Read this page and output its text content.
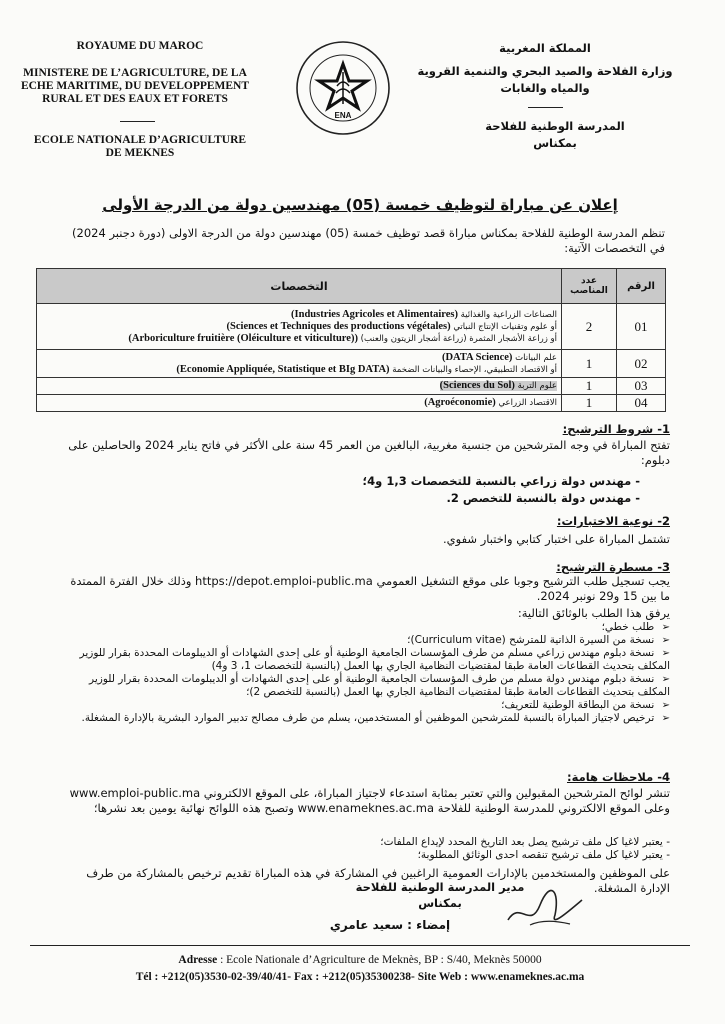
ROYAUME DU MAROC
MINISTERE DE L’AGRICULTURE, DE LA
ECHE MARITIME, DU DEVELOPPEMENT
RURAL ET DES EAUX ET FORETS
ECOLE NATIONALE D’AGRICULTURE
DE MEKNES
ENA
المملكة المغربية
وزارة الفلاحة والصيد البحري والتنمية القروية
والمياه والغابات
المدرسة الوطنية للفلاحة
بمكناس
إعلان عن مباراة لتوظيف خمسة (05) مهندسين دولة من الدرجة الأولى
تنظم المدرسة الوطنية للفلاحة بمكناس مباراة قصد توظيف خمسة (05) مهندسين دولة من الدرجة الاولى (دورة دجنبر 2024) في التخصصات الآتية:
التخصصات	عدد المناصب	الرقم

الصناعات الزراعية والغذائية (Industries Agricoles et Alimentaires)
أو علوم وتقنيات الإنتاج النباتي (Sciences et Techniques des productions végétales)
أو زراعة الأشجار المثمرة (زراعة أشجار الزيتون والعنب) (Arboriculture fruitière (Oléiculture et viticulture))	2	01

علم البيانات (DATA Science)
أو الاقتصاد التطبيقي، الإحصاء والبيانات الضخمة (Economie Appliquée, Statistique et BIg DATA)	1	02
علوم التربة (Sciences du Sol)	1	03
الاقتصاد الزراعي (Agroéconomie)	1	04
1- شروط الترشيح:
تفتح المباراة في وجه المترشحين من جنسية مغربية، البالغين من العمر 45 سنة على الأكثر في فاتح يناير 2024 والحاصلين على دبلوم:
- مهندس دولة زراعي بالنسبة للتخصصات 1,3 و4؛
- مهندس دولة بالنسبة للتخصص 2.
2- نوعية الاختبارات:
تشتمل المباراة على اختبار كتابي واختبار شفوي.
3- مسطرة الترشيح:
يجب تسجيل طلب الترشيح وجوبا على موقع التشغيل العمومي https://depot.emploi-public.ma وذلك خلال الفترة الممتدة ما بين 15 و29 نونبر 2024.
يرفق هذا الطلب بالوثائق التالية:
➢ طلب خطي؛
➢ نسخة من السيرة الذاتية للمترشح (Curriculum vitae)؛
➢ نسخة دبلوم مهندس زراعي مسلم من طرف المؤسسات الجامعية الوطنية أو على إحدى الشهادات أو الديبلومات المحددة بقرار للوزير المكلف بتحديث القطاعات العامة طبقا لمقتضيات النظامية الجاري بها العمل (بالنسبة للتخصصات 1، 3 و4)
➢ نسخة دبلوم مهندس دولة مسلم من طرف المؤسسات الجامعية الوطنية أو على إحدى الشهادات أو الديبلومات المحددة بقرار للوزير المكلف بتحديث القطاعات العامة طبقا لمقتضيات النظامية الجاري بها العمل (بالنسبة للتخصص 2)؛
➢ نسخة من البطاقة الوطنية للتعريف؛
➢ ترخيص لاجتياز المباراة بالنسبة للمترشحين الموظفين أو المستخدمين، يسلم من طرف مصالح تدبير الموارد البشرية بالإدارة المشغلة.
4- ملاحظات هامة:
تنشر لوائح المترشحين المقبولين والتي تعتبر بمثابة استدعاء لاجتياز المباراة، على الموقع الالكتروني www.emploi-public.ma وعلى الموقع الالكتروني للمدرسة الوطنية للفلاحة www.enameknes.ac.ma وتصبح هذه اللوائح نهائية يومين بعد نشرها؛
- يعتبر لاغيا كل ملف ترشيح يصل بعد التاريخ المحدد لإيداع الملفات؛
- يعتبر لاغيا كل ملف ترشيح تنقصه احدى الوثائق المطلوبة؛
على الموظفين والمستخدمين بالإدارات العمومية الراغبين في المشاركة في هذه المباراة تقديم ترخيص بالمشاركة من طرف الإدارة المشغلة.
مدير المدرسة الوطنية للفلاحة
بمكناس
إمضاء : سعيد عامري
Adresse : Ecole Nationale d’Agriculture de Meknès, BP : S/40, Meknès 50000
Tél : +212(05)3530-02-39/40/41- Fax : +212(05)35300238- Site Web : www.enameknes.ac.ma
